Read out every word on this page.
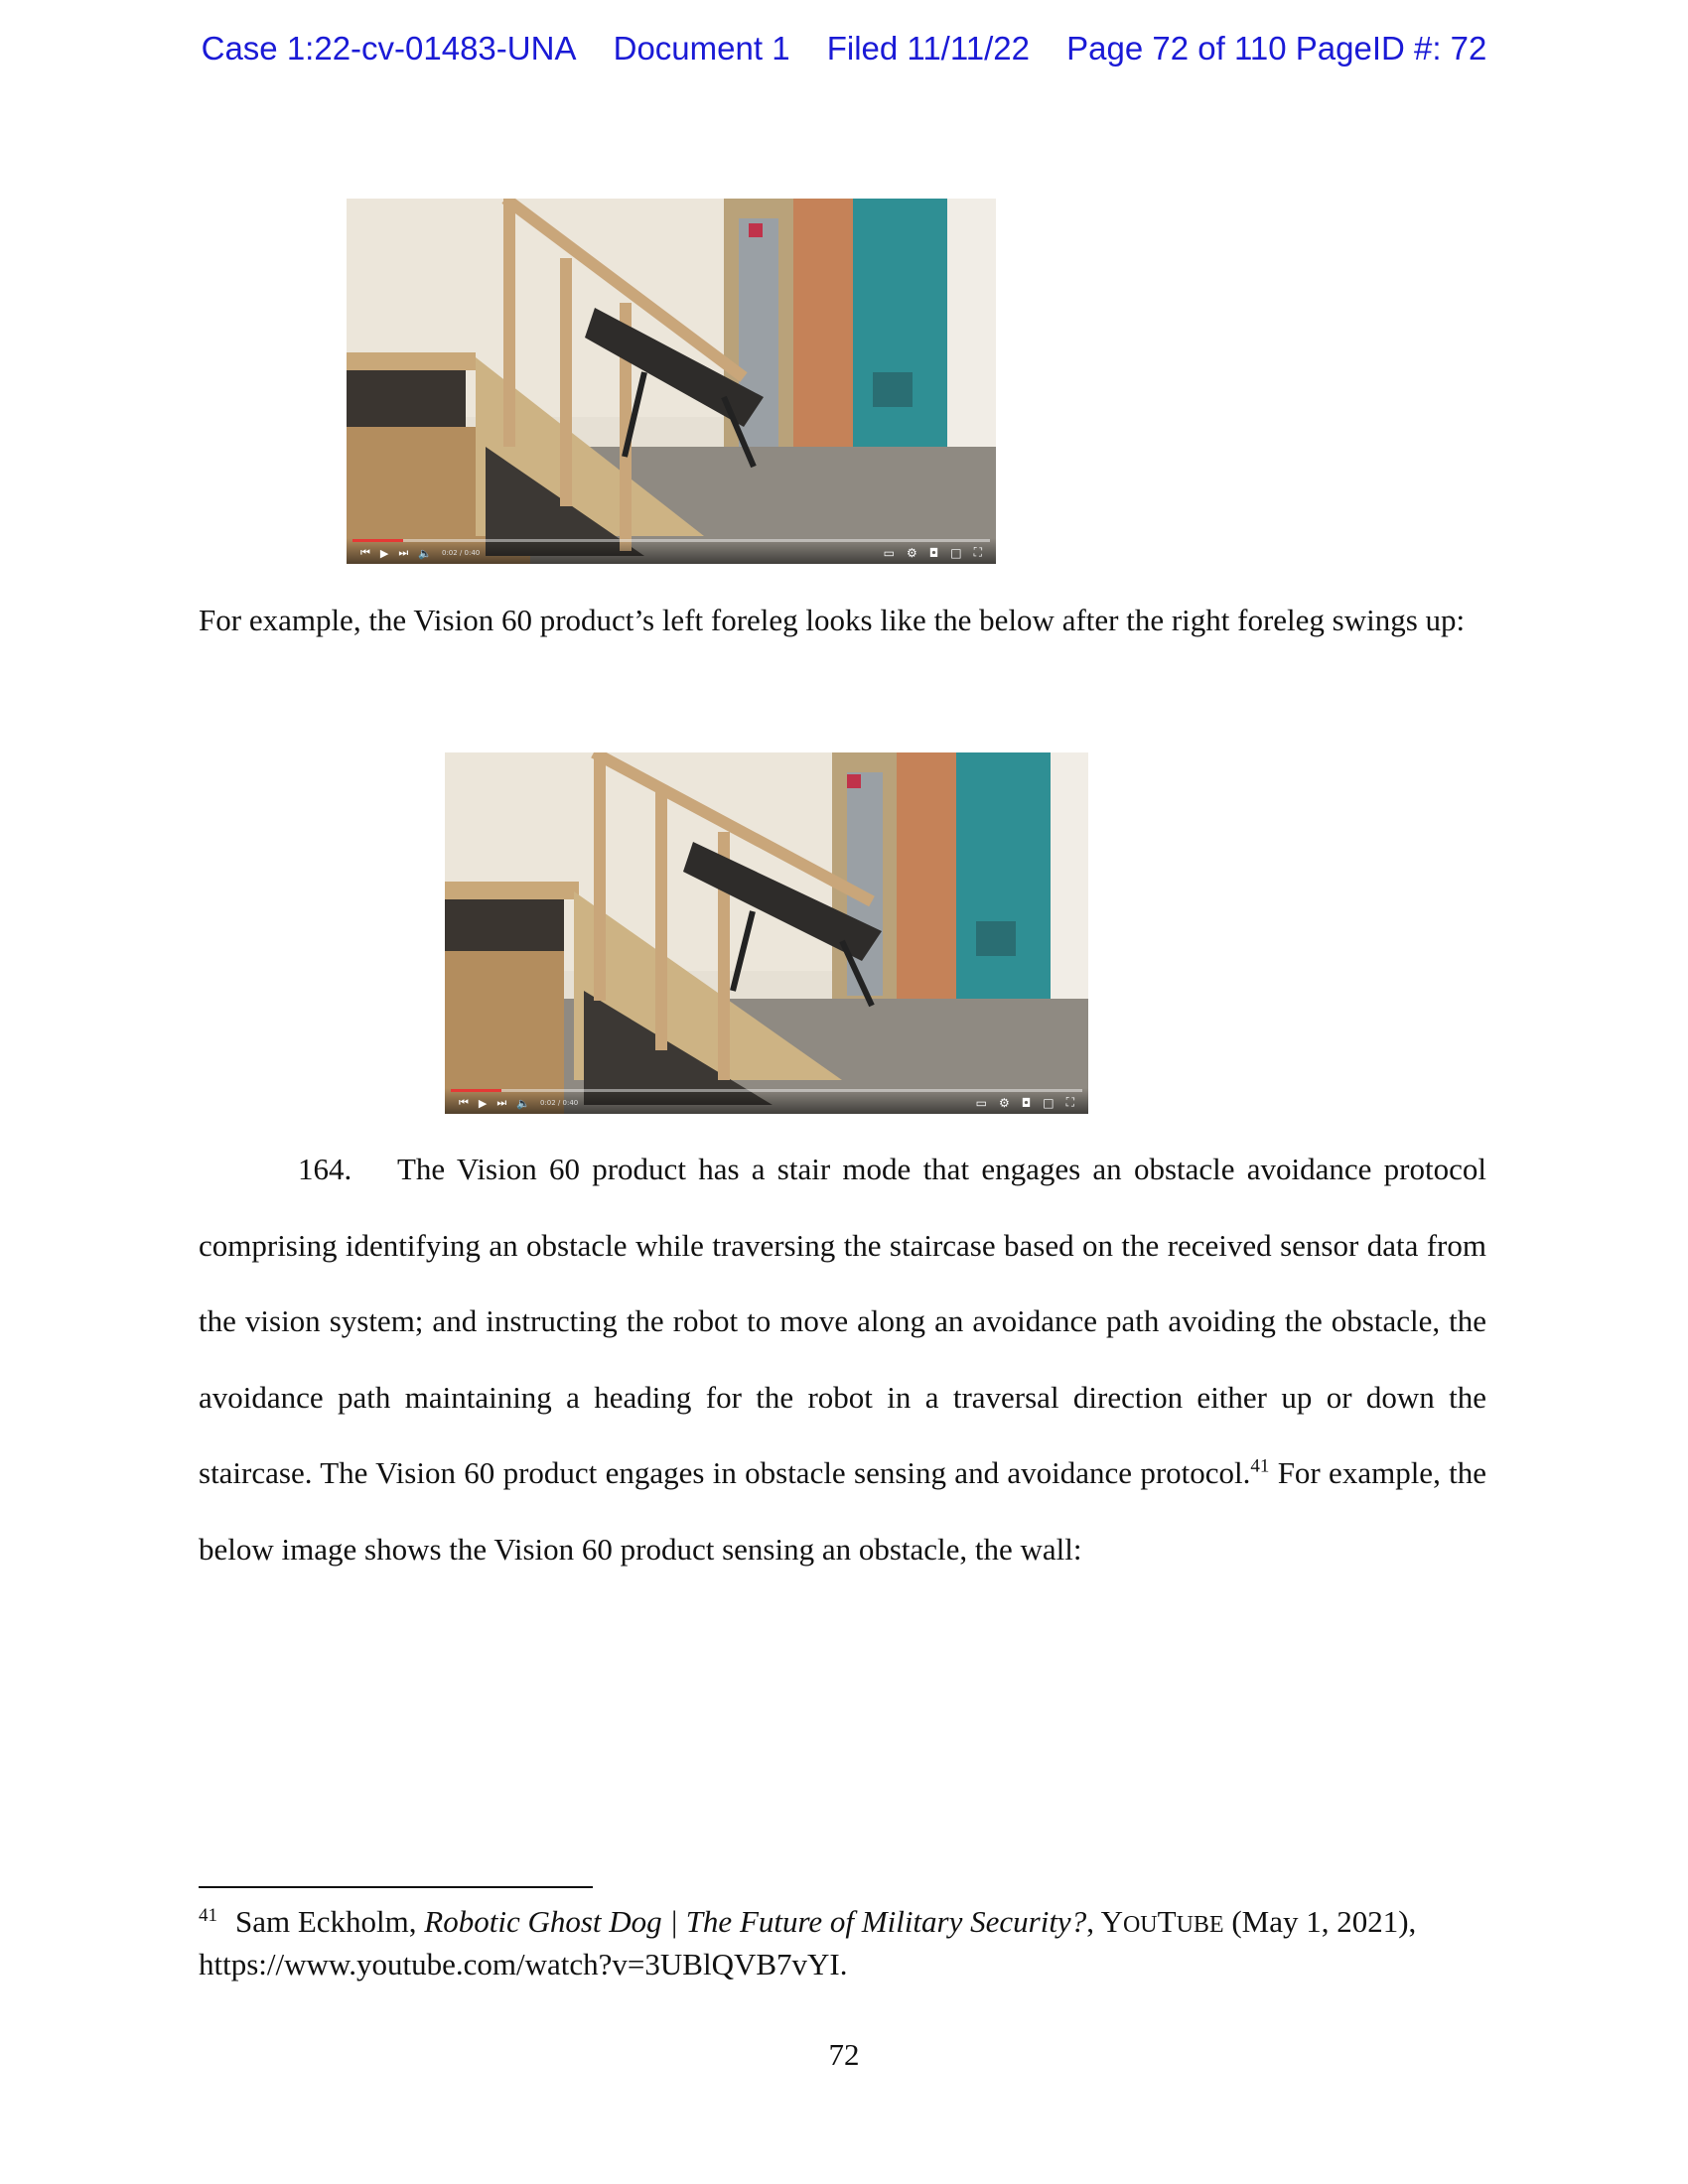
Case 1:22-cv-01483-UNA Document 1 Filed 11/11/22 Page 72 of 110 PageID #: 72
⏮ ▶ ⏭ 🔈 0:02 / 0:40	▭ ⚙ ◘ □ ⛶
For example, the Vision 60 product’s left foreleg looks like the below after the right foreleg swings up:
⏮ ▶ ⏭ 🔈 0:02 / 0:40	▭ ⚙ ◘ □ ⛶
164. The Vision 60 product has a stair mode that engages an obstacle avoidance protocol comprising identifying an obstacle while traversing the staircase based on the received sensor data from the vision system; and instructing the robot to move along an avoidance path avoiding the obstacle, the avoidance path maintaining a heading for the robot in a traversal direction either up or down the staircase. The Vision 60 product engages in obstacle sensing and avoidance protocol.$^{41}$ For example, the below image shows the Vision 60 product sensing an obstacle, the wall:
$^{41}$ Sam Eckholm, Robotic Ghost Dog | The Future of Military Security?, YOUTUBE (May 1, 2021),
https://www.youtube.com/watch?v=3UBlQVB7vYI.
72
